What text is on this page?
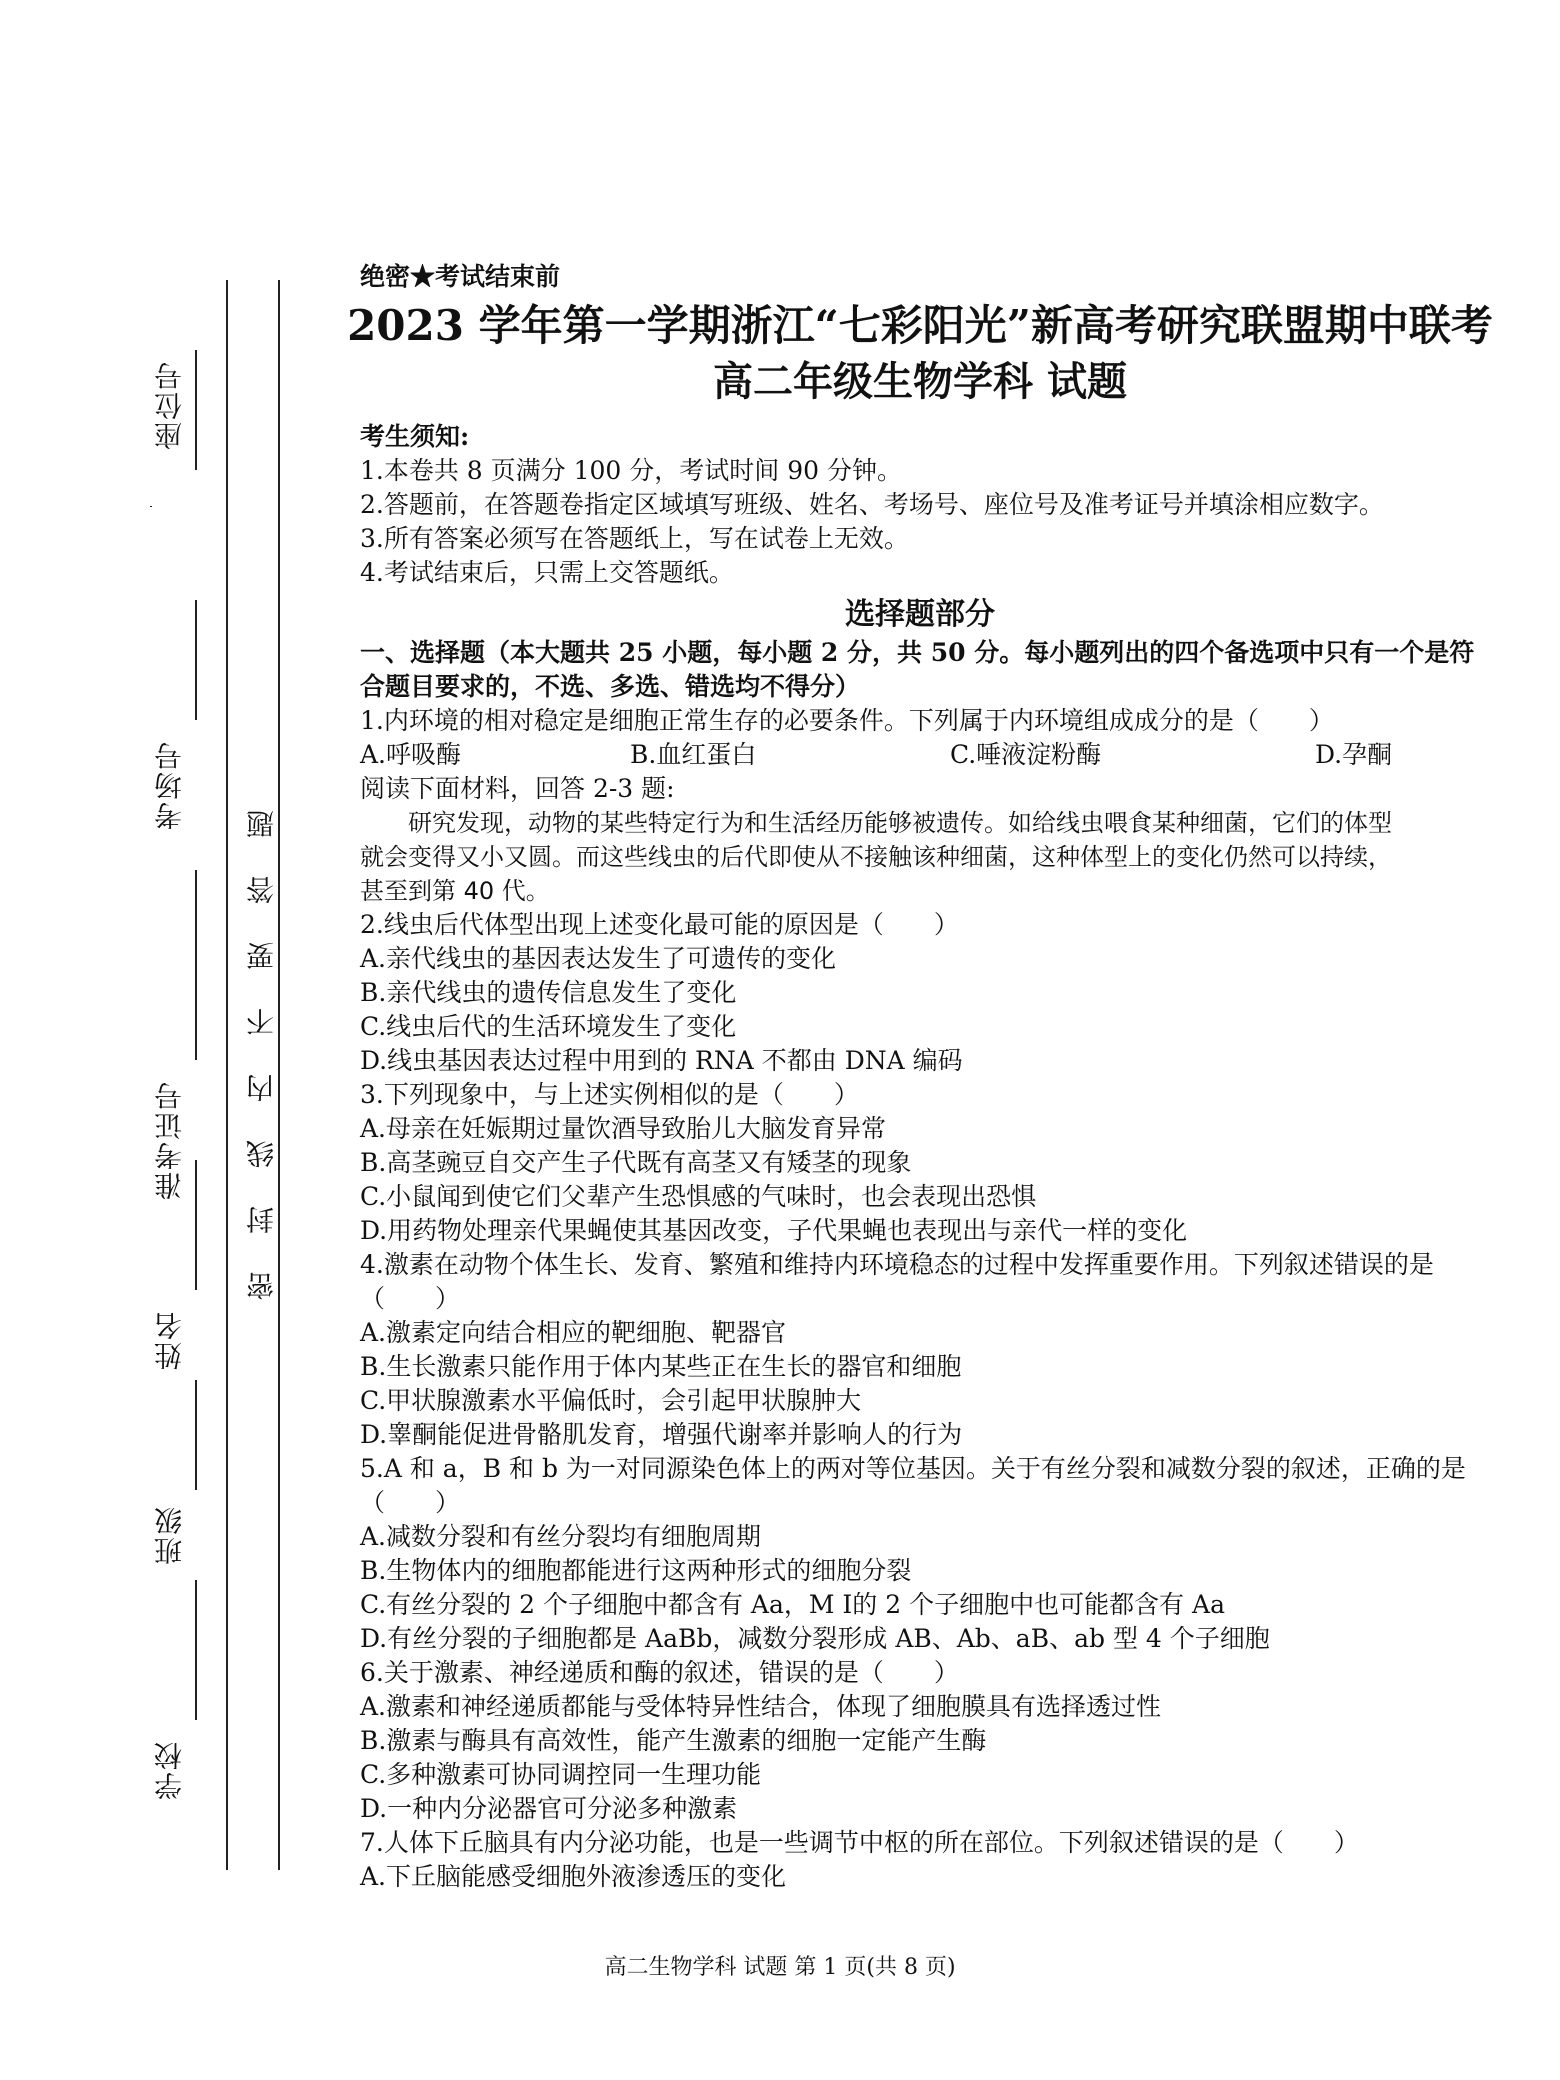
座位号
考场号
准考证号
姓名
班级
学校
题
答
要
不
内
线
封
密
绝密★考试结束前
2023 学年第一学期浙江“七彩阳光”新高考研究联盟期中联考
高二年级生物学科 试题
考生须知:
1.本卷共 8 页满分 100 分，考试时间 90 分钟。
2.答题前，在答题卷指定区域填写班级、姓名、考场号、座位号及准考证号并填涂相应数字。
3.所有答案必须写在答题纸上，写在试卷上无效。
4.考试结束后，只需上交答题纸。
选择题部分
一、选择题（本大题共 25 小题，每小题 2 分，共 50 分。每小题列出的四个备选项中只有一个是符
合题目要求的，不选、多选、错选均不得分）
1.内环境的相对稳定是细胞正常生存的必要条件。下列属于内环境组成成分的是（　　）
A.呼吸酶	B.血红蛋白	C.唾液淀粉酶	D.孕酮
阅读下面材料，回答 2-3 题:
研究发现，动物的某些特定行为和生活经历能够被遗传。如给线虫喂食某种细菌，它们的体型
就会变得又小又圆。而这些线虫的后代即使从不接触该种细菌，这种体型上的变化仍然可以持续，
甚至到第 40 代。
2.线虫后代体型出现上述变化最可能的原因是（　　）
A.亲代线虫的基因表达发生了可遗传的变化
B.亲代线虫的遗传信息发生了变化
C.线虫后代的生活环境发生了变化
D.线虫基因表达过程中用到的 RNA 不都由 DNA 编码
3.下列现象中，与上述实例相似的是（　　）
A.母亲在妊娠期过量饮酒导致胎儿大脑发育异常
B.高茎豌豆自交产生子代既有高茎又有矮茎的现象
C.小鼠闻到使它们父辈产生恐惧感的气味时，也会表现出恐惧
D.用药物处理亲代果蝇使其基因改变，子代果蝇也表现出与亲代一样的变化
4.激素在动物个体生长、发育、繁殖和维持内环境稳态的过程中发挥重要作用。下列叙述错误的是
（　　）
A.激素定向结合相应的靶细胞、靶器官
B.生长激素只能作用于体内某些正在生长的器官和细胞
C.甲状腺激素水平偏低时，会引起甲状腺肿大
D.睾酮能促进骨骼肌发育，增强代谢率并影响人的行为
5.A 和 a，B 和 b 为一对同源染色体上的两对等位基因。关于有丝分裂和减数分裂的叙述，正确的是
（　　）
A.减数分裂和有丝分裂均有细胞周期
B.生物体内的细胞都能进行这两种形式的细胞分裂
C.有丝分裂的 2 个子细胞中都含有 Aa，M Ⅰ的 2 个子细胞中也可能都含有 Aa
D.有丝分裂的子细胞都是 AaBb，减数分裂形成 AB、Ab、aB、ab 型 4 个子细胞
6.关于激素、神经递质和酶的叙述，错误的是（　　）
A.激素和神经递质都能与受体特异性结合，体现了细胞膜具有选择透过性
B.激素与酶具有高效性，能产生激素的细胞一定能产生酶
C.多种激素可协同调控同一生理功能
D.一种内分泌器官可分泌多种激素
7.人体下丘脑具有内分泌功能，也是一些调节中枢的所在部位。下列叙述错误的是（　　）
A.下丘脑能感受细胞外液渗透压的变化
高二生物学科 试题 第 1 页(共 8 页)
